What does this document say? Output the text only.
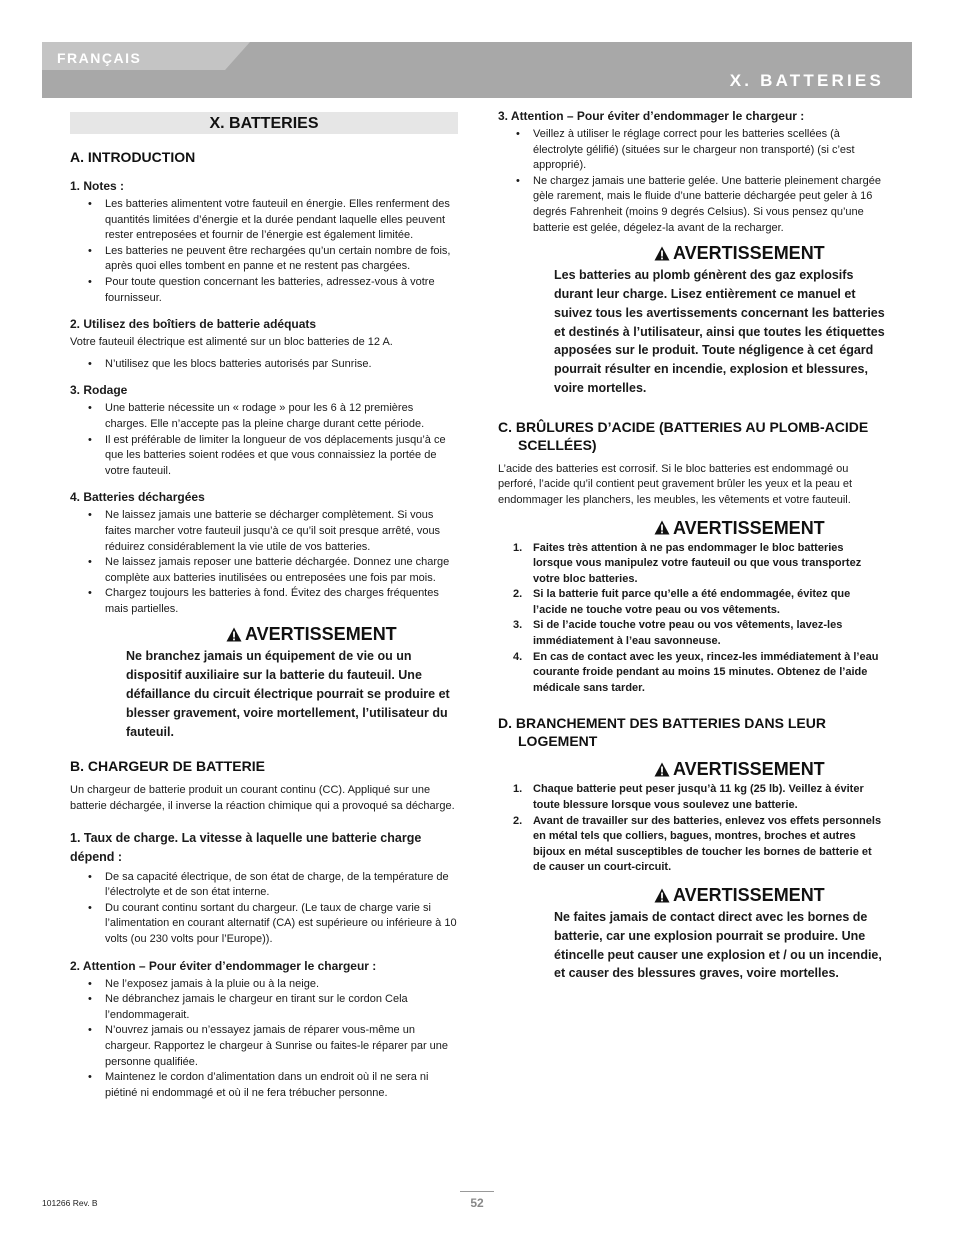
FRANÇAIS
X. BATTERIES
X. BATTERIES
A. INTRODUCTION
1. Notes :
• Les batteries alimentent votre fauteuil en énergie. Elles renferment des quantités limitées d’énergie et la durée pendant laquelle elles peuvent rester entreposées et fournir de l’énergie est également limitée.
• Les batteries ne peuvent être rechargées qu’un certain nombre de fois, après quoi elles tombent en panne et ne restent pas chargées.
• Pour toute question concernant les batteries, adressez-vous à votre fournisseur.
2. Utilisez des boîtiers de batterie adéquats

Votre fauteuil électrique est alimenté sur un bloc batteries de 12 A.

• N’utilisez que les blocs batteries autorisés par Sunrise.
3. Rodage
• Une batterie nécessite un « rodage » pour les 6 à 12 premières charges. Elle n’accepte pas la pleine charge durant cette période.
• Il est préférable de limiter la longueur de vos déplacements jusqu’à ce que les batteries soient rodées et que vous connaissiez la portée de votre fauteuil.
4. Batteries déchargées
• Ne laissez jamais une batterie se décharger complètement. Si vous faites marcher votre fauteuil jusqu’à ce qu’il soit presque arrêté, vous réduirez considérablement la vie utile de vos batteries.
• Ne laissez jamais reposer une batterie déchargée. Donnez une charge complète aux batteries inutilisées ou entreposées une fois par mois.
• Chargez toujours les batteries à fond. Évitez des charges fréquentes mais partielles.
AVERTISSEMENT

Ne branchez jamais un équipement de vie ou un dispositif auxiliaire sur la batterie du fauteuil. Une défaillance du circuit électrique pourrait se produire et blesser gravement, voire mortellement, l’utilisateur du fauteuil.

B. CHARGEUR DE BATTERIE

Un chargeur de batterie produit un courant continu (CC). Appliqué sur une batterie déchargée, il inverse la réaction chimique qui a provoqué sa décharge.

1. Taux de charge. La vitesse à laquelle une batterie charge dépend :
• De sa capacité électrique, de son état de charge, de la température de l’électrolyte et de son état interne.
• Du courant continu sortant du chargeur. (Le taux de charge varie si l’alimentation en courant alternatif (CA) est supérieure ou inférieure à 10 volts (ou 230 volts pour l’Europe)).
2. Attention – Pour éviter d’endommager le chargeur :
• Ne l’exposez jamais à la pluie ou à la neige.
• Ne débranchez jamais le chargeur en tirant sur le cordon Cela l’endommagerait.
• N’ouvrez jamais ou n’essayez jamais de réparer vous-même un chargeur. Rapportez le chargeur à Sunrise ou faites-le réparer par une personne qualifiée.
• Maintenez le cordon d’alimentation dans un endroit où il ne sera ni piétiné ni endommagé et où il ne fera trébucher personne.
3. Attention – Pour éviter d’endommager le chargeur :
• Veillez à utiliser le réglage correct pour les batteries scellées (à électrolyte gélifié) (situées sur le chargeur non transporté) (si c’est approprié).
• Ne chargez jamais une batterie gelée. Une batterie pleinement chargée gèle rarement, mais le fluide d’une batterie déchargée peut geler à 16 degrés Fahrenheit (moins 9 degrés Celsius). Si vous pensez qu’une batterie est gelée, dégelez-la avant de la recharger.
AVERTISSEMENT

Les batteries au plomb génèrent des gaz explosifs durant leur charge. Lisez entièrement ce manuel et suivez tous les avertissements concernant les batteries et destinés à l’utilisateur, ainsi que toutes les étiquettes apposées sur le produit. Toute négligence à cet égard pourrait résulter en incendie, explosion et blessures, voire mortelles.

C. BRÛLURES D’ACIDE (BATTERIES AU PLOMB-ACIDE SCELLÉES)

L’acide des batteries est corrosif. Si le bloc batteries est endommagé ou perforé, l’acide qu’il contient peut gravement brûler les yeux et la peau et endommager les planchers, les meubles, les vêtements et votre fauteuil.

AVERTISSEMENT
1. Faites très attention à ne pas endommager le bloc batteries lorsque vous manipulez votre fauteuil ou que vous transportez votre bloc batteries.
2. Si la batterie fuit parce qu’elle a été endommagée, évitez que l’acide ne touche votre peau ou vos vêtements.
3. Si de l’acide touche votre peau ou vos vêtements, lavez-les immédiatement à l’eau savonneuse.
4. En cas de contact avec les yeux, rincez-les immédiatement à l’eau courante froide pendant au moins 15 minutes. Obtenez de l’aide médicale sans tarder.
D. BRANCHEMENT DES BATTERIES DANS LEUR LOGEMENT
AVERTISSEMENT
1. Chaque batterie peut peser jusqu’à 11 kg (25 lb). Veillez à éviter toute blessure lorsque vous soulevez une batterie.
2. Avant de travailler sur des batteries, enlevez vos effets personnels en métal tels que colliers, bagues, montres, broches et autres bijoux en métal susceptibles de toucher les bornes de batterie et de causer un court-circuit.
AVERTISSEMENT

Ne faites jamais de contact direct avec les bornes de batterie, car une explosion pourrait se produire. Une étincelle peut causer une explosion et / ou un incendie, et causer des blessures graves, voire mortelles.

101266 Rev. B	52
